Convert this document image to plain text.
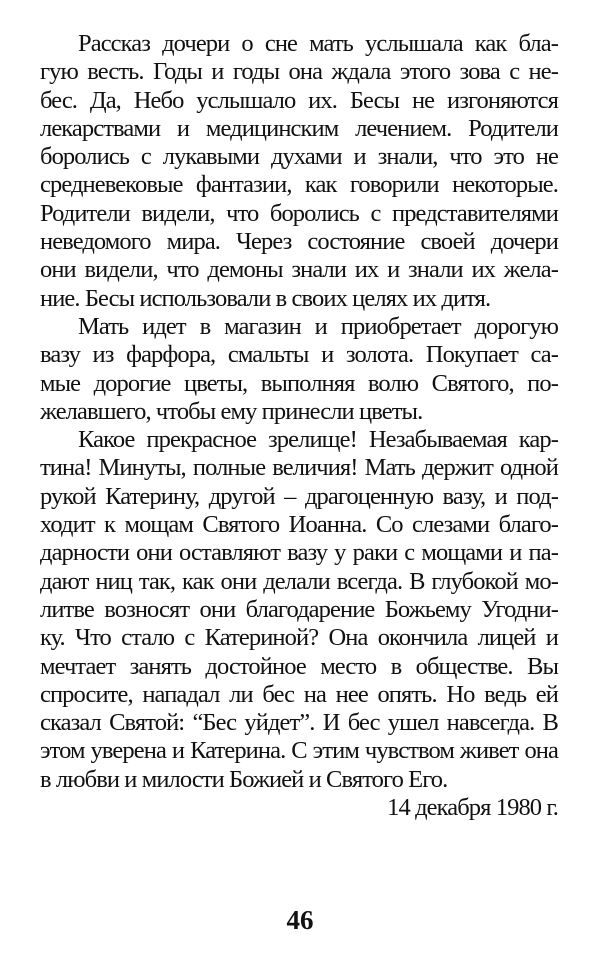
Рассказ дочери о сне мать услышала как бла-
гую весть. Годы и годы она ждала этого зова с не-
бес. Да, Небо услышало их. Бесы не изгоняются
лекарствами и медицинским лечением. Родители
боролись с лукавыми духами и знали, что это не
средневековые фантазии, как говорили некоторые.
Родители видели, что боролись с представителями
неведомого мира. Через состояние своей дочери
они видели, что демоны знали их и знали их жела-
ние. Бесы использовали в своих целях их дитя.
Мать идет в магазин и приобретает дорогую
вазу из фарфора, смальты и золота. Покупает са-
мые дорогие цветы, выполняя волю Святого, по-
желавшего, чтобы ему принесли цветы.
Какое прекрасное зрелище! Незабываемая кар-
тина! Минуты, полные величия! Мать держит одной
рукой Катерину, другой – драгоценную вазу, и под-
ходит к мощам Святого Иоанна. Со слезами благо-
дарности они оставляют вазу у раки с мощами и па-
дают ниц так, как они делали всегда. В глубокой мо-
литве возносят они благодарение Божьему Угодни-
ку. Что стало с Катериной? Она окончила лицей и
мечтает занять достойное место в обществе. Вы
спросите, нападал ли бес на нее опять. Но ведь ей
сказал Святой: “Бес уйдет”. И бес ушел навсегда. В
этом уверена и Катерина. С этим чувством живет она
в любви и милости Божией и Святого Его.
14 декабря 1980 г.
46
